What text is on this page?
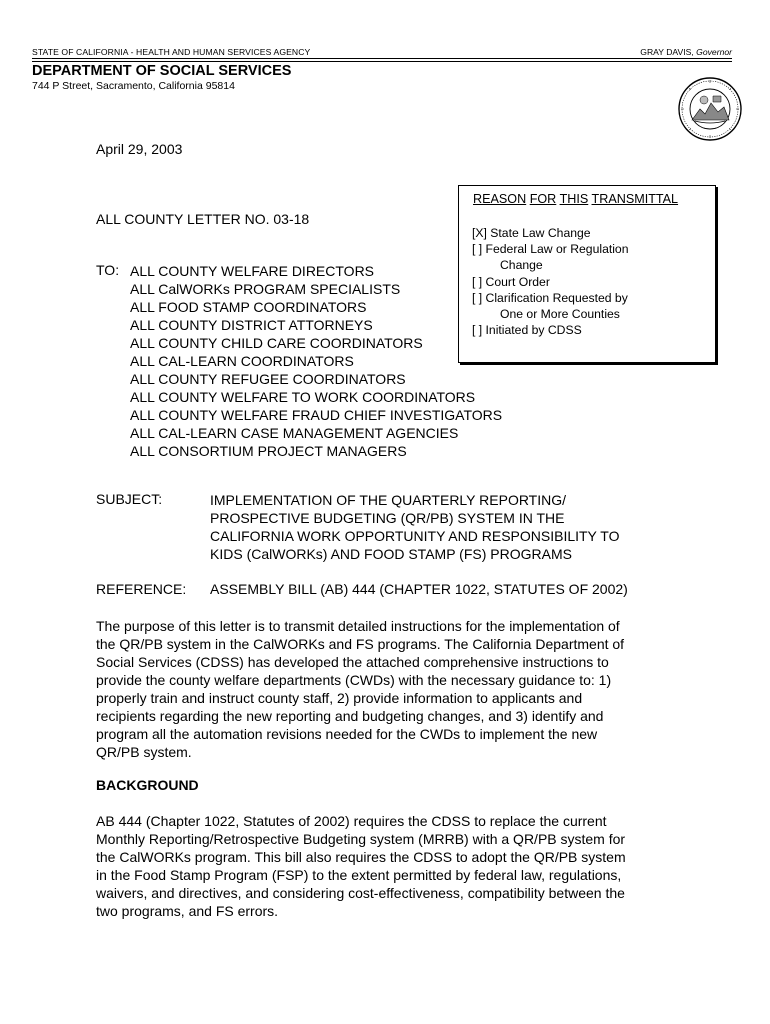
STATE OF CALIFORNIA - HEALTH AND HUMAN SERVICES AGENCY	GRAY DAVIS, Governor
DEPARTMENT OF SOCIAL SERVICES
744 P Street, Sacramento, California 95814
April 29, 2003
ALL COUNTY LETTER NO. 03-18
REASON FOR THIS TRANSMITTAL
[X] State Law Change
[ ] Federal Law or Regulation
Change
[ ] Court Order
[ ] Clarification Requested by
One or More Counties
[ ] Initiated by CDSS
TO: ALL COUNTY WELFARE DIRECTORS
ALL CalWORKs PROGRAM SPECIALISTS
ALL FOOD STAMP COORDINATORS
ALL COUNTY DISTRICT ATTORNEYS
ALL COUNTY CHILD CARE COORDINATORS
ALL CAL-LEARN COORDINATORS
ALL COUNTY REFUGEE COORDINATORS
ALL COUNTY WELFARE TO WORK COORDINATORS
ALL COUNTY WELFARE FRAUD CHIEF INVESTIGATORS
ALL CAL-LEARN CASE MANAGEMENT AGENCIES
ALL CONSORTIUM PROJECT MANAGERS
SUBJECT:	IMPLEMENTATION OF THE QUARTERLY REPORTING/
PROSPECTIVE BUDGETING (QR/PB) SYSTEM IN THE
CALIFORNIA WORK OPPORTUNITY AND RESPONSIBILITY TO
KIDS (CalWORKs) AND FOOD STAMP (FS) PROGRAMS
REFERENCE: ASSEMBLY BILL (AB) 444 (CHAPTER 1022, STATUTES OF 2002)
The purpose of this letter is to transmit detailed instructions for the implementation of
the QR/PB system in the CalWORKs and FS programs. The California Department of
Social Services (CDSS) has developed the attached comprehensive instructions to
provide the county welfare departments (CWDs) with the necessary guidance to: 1)
properly train and instruct county staff, 2) provide information to applicants and
recipients regarding the new reporting and budgeting changes, and 3) identify and
program all the automation revisions needed for the CWDs to implement the new
QR/PB system.
BACKGROUND
AB 444 (Chapter 1022, Statutes of 2002) requires the CDSS to replace the current
Monthly Reporting/Retrospective Budgeting system (MRRB) with a QR/PB system for
the CalWORKs program. This bill also requires the CDSS to adopt the QR/PB system
in the Food Stamp Program (FSP) to the extent permitted by federal law, regulations,
waivers, and directives, and considering cost-effectiveness, compatibility between the
two programs, and FS errors.
